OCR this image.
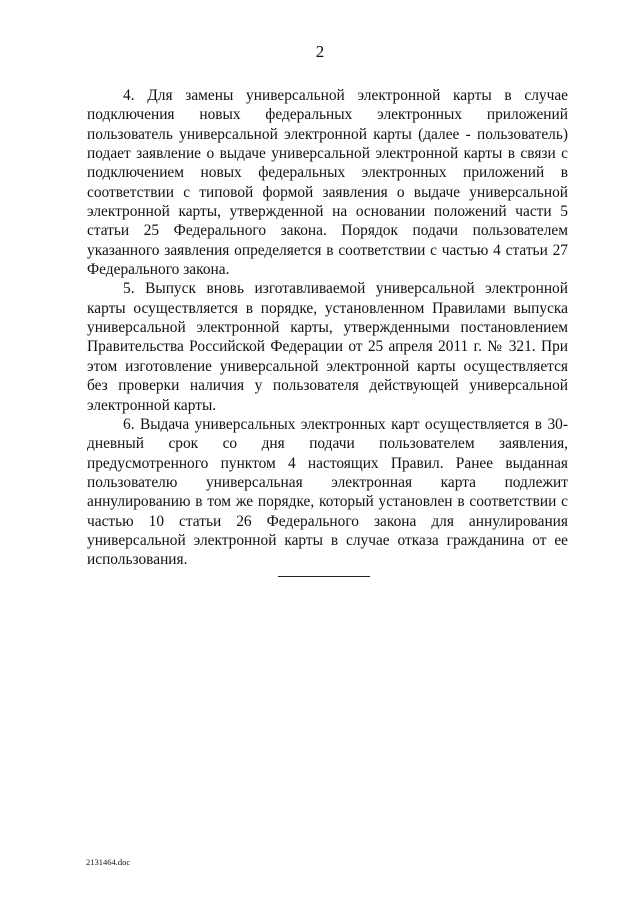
2

4. Для замены универсальной электронной карты в случае подключения новых федеральных электронных приложений пользователь универсальной электронной карты (далее - пользователь) подает заявление о выдаче универсальной электронной карты в связи с подключением новых федеральных электронных приложений в соответствии с типовой формой заявления о выдаче универсальной электронной карты, утвержденной на основании положений части 5 статьи 25 Федерального закона. Порядок подачи пользователем указанного заявления определяется в соответствии с частью 4 статьи 27 Федерального закона.

5. Выпуск вновь изготавливаемой универсальной электронной карты осуществляется в порядке, установленном Правилами выпуска универсальной электронной карты, утвержденными постановлением Правительства Российской Федерации от 25 апреля 2011 г. № 321. При этом изготовление универсальной электронной карты осуществляется без проверки наличия у пользователя действующей универсальной электронной карты.

6. Выдача универсальных электронных карт осуществляется в 30-дневный срок со дня подачи пользователем заявления, предусмотренного пунктом 4 настоящих Правил. Ранее выданная пользователю универсальная электронная карта подлежит аннулированию в том же порядке, который установлен в соответствии с частью 10 статьи 26 Федерального закона для аннулирования универсальной электронной карты в случае отказа гражданина от ее использования.

2131464.doc
